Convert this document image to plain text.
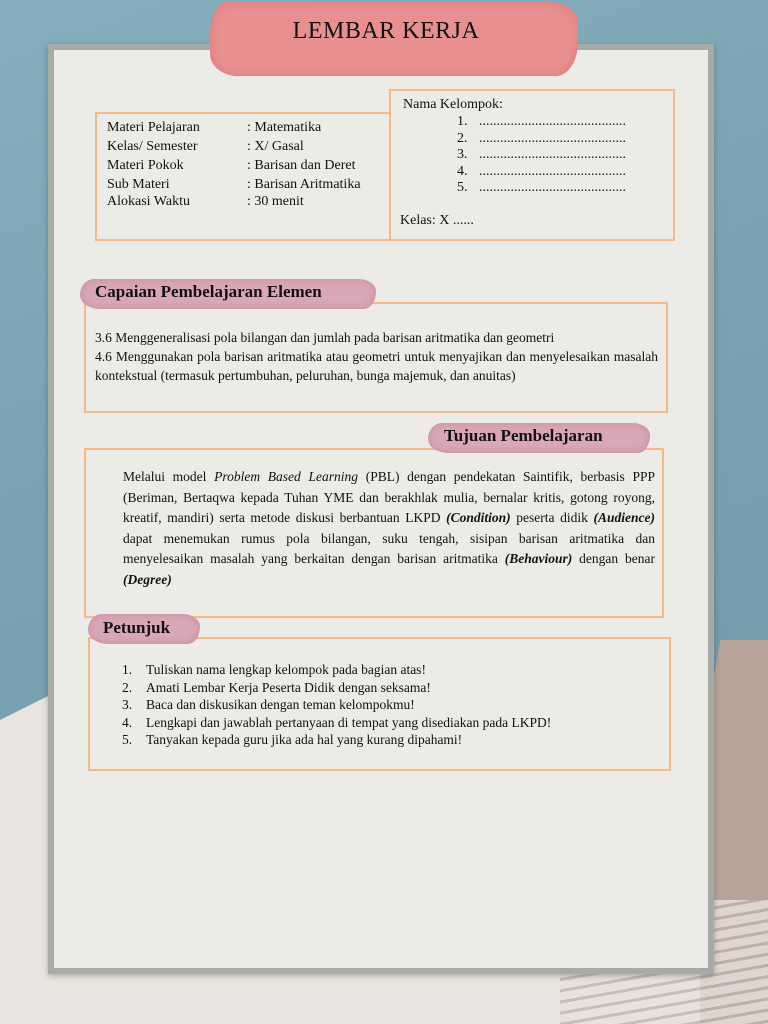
LEMBAR KERJA
Materi Pelajaran	: Matematika
Kelas/ Semester	: X/ Gasal
Materi Pokok	: Barisan dan Deret
Sub Materi	: Barisan Aritmatika
Alokasi Waktu	: 30 menit
Nama Kelompok:
1. ..........................................
2. ..........................................
3. ..........................................
4. ..........................................
5. ..........................................
Kelas: X ......

3.6 Menggeneralisasi pola bilangan dan jumlah pada barisan aritmatika dan geometri

4.6 Menggunakan pola barisan aritmatika atau geometri untuk menyajikan dan menyelesaikan masalah kontekstual (termasuk pertumbuhan, peluruhan, bunga majemuk, dan anuitas)

Capaian Pembelajaran Elemen
Melalui model Problem Based Learning (PBL) dengan pendekatan Saintifik, berbasis PPP (Beriman, Bertaqwa kepada Tuhan YME dan berakhlak mulia, bernalar kritis, gotong royong, kreatif, mandiri) serta metode diskusi berbantuan LKPD (Condition) peserta didik (Audience) dapat menemukan rumus pola bilangan, suku tengah, sisipan barisan aritmatika dan menyelesaikan masalah yang berkaitan dengan barisan aritmatika (Behaviour) dengan benar (Degree)
Tujuan Pembelajaran
1. Tuliskan nama lengkap kelompok pada bagian atas!
2. Amati Lembar Kerja Peserta Didik dengan seksama!
3. Baca dan diskusikan dengan teman kelompokmu!
4. Lengkapi dan jawablah pertanyaan di tempat yang disediakan pada LKPD!
5. Tanyakan kepada guru jika ada hal yang kurang dipahami!
Petunjuk
